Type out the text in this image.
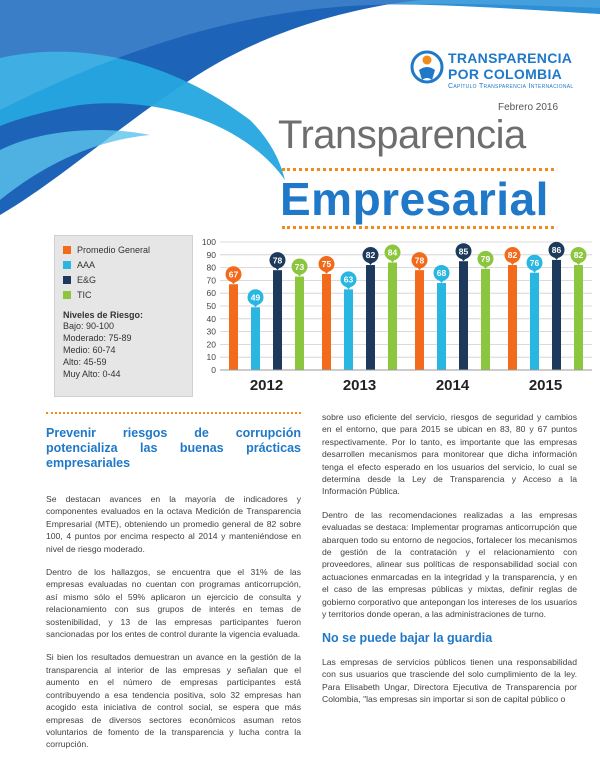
TRANSPARENCIA
POR COLOMBIA
Capítulo Transparencia Internacional
Febrero 2016
Transparencia
Empresarial
Promedio General
AAA
E&G
TIC
Niveles de Riesgo:
Bajo: 90-100
Moderado: 75-89
Medio: 60-74
Alto: 45-59
Muy Alto: 0-44	0
10
20
30
40
50
60
70
80
90
100
67
49
78
73
2012
75
63
82 84
2013
78
68
85
79
2014
82
76
86
82
2015
Prevenir riesgos de corrupción potencializa las buenas prácticas empresariales

Se destacan avances en la mayoría de indicadores y componentes evaluados en la octava Medición de Transparencia Empresarial (MTE), obteniendo un promedio general de 82 sobre 100, 4 puntos por encima respecto al 2014 y manteniéndose en nivel de riesgo moderado.

Dentro de los hallazgos, se encuentra que el 31% de las empresas evaluadas no cuentan con programas anticorrupción, así mismo sólo el 59% aplicaron un ejercicio de consulta y relacionamiento con sus grupos de interés en temas de sostenibilidad, y 13 de las empresas participantes fueron sancionadas por los entes de control durante la vigencia evaluada.

Si bien los resultados demuestran un avance en la gestión de la transparencia al interior de las empresas y señalan que el aumento en el número de empresas participantes está contribuyendo a esa tendencia positiva, solo 32 empresas han acogido esta iniciativa de control social, se espera que más empresas de diversos sectores económicos asuman retos voluntarios de fomento de la transparencia y lucha contra la corrupción.

sobre uso eficiente del servicio, riesgos de seguridad y cambios en el entorno, que para 2015 se ubican en 83, 80 y 67 puntos respectivamente. Por lo tanto, es importante que las empresas desarrollen mecanismos para monitorear que dicha información tenga el efecto esperado en los usuarios del servicio, lo cual se determina desde la Ley de Transparencia y Acceso a la Información Pública.

Dentro de las recomendaciones realizadas a las empresas evaluadas se destaca: Implementar programas anticorrupción que abarquen todo su entorno de negocios, fortalecer los mecanismos de gestión de la contratación y el relacionamiento con proveedores, alinear sus políticas de responsabilidad social con actuaciones enmarcadas en la integridad y la transparencia, y en el caso de las empresas públicas y mixtas, definir reglas de gobierno corporativo que antepongan los intereses de los usuarios y territorios donde operan, a las administraciones de turno.

No se puede bajar la guardia

Las empresas de servicios públicos tienen una responsabilidad con sus usuarios que trasciende del solo cumplimiento de la ley. Para Elisabeth Ungar, Directora Ejecutiva de Transparencia por Colombia, "las empresas sin importar si son de capital público o
